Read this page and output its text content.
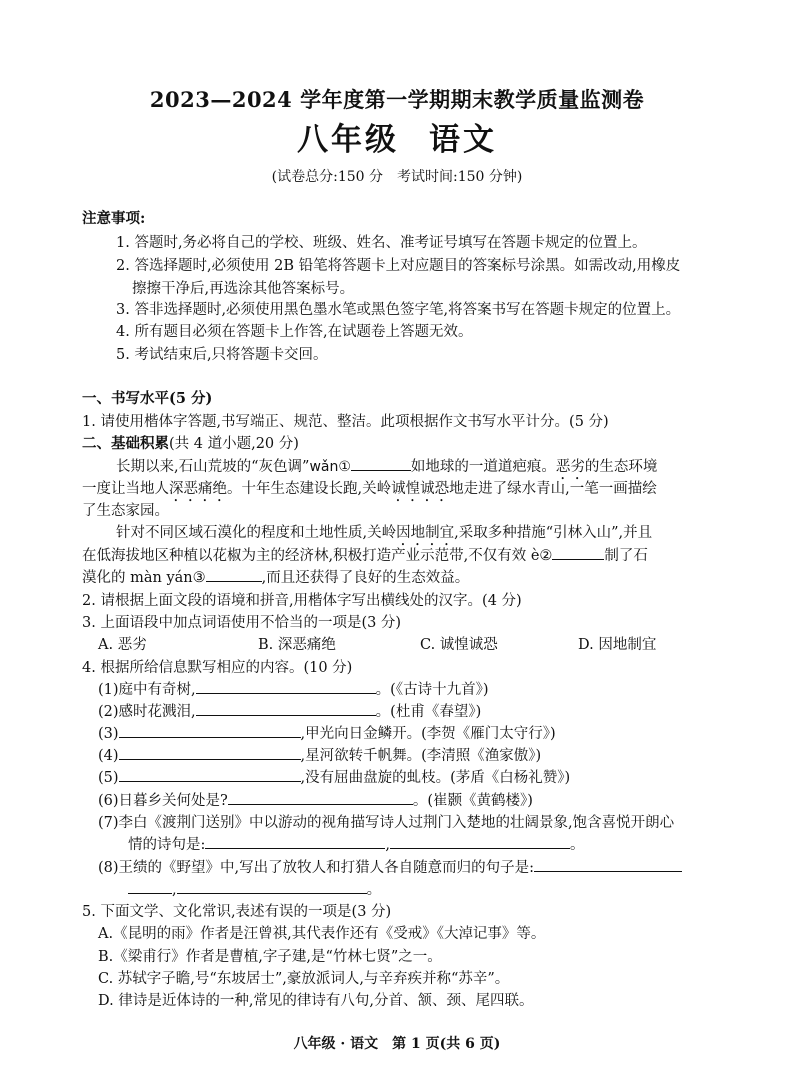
2023—2024 学年度第一学期期末教学质量监测卷
八年级 语文
(试卷总分:150 分　考试时间:150 分钟)
注意事项:
1. 答题时,务必将自己的学校、班级、姓名、准考证号填写在答题卡规定的位置上。
2. 答选择题时,必须使用 2B 铅笔将答题卡上对应题目的答案标号涂黑。如需改动,用橡皮
擦擦干净后,再选涂其他答案标号。
3. 答非选择题时,必须使用黑色墨水笔或黑色签字笔,将答案书写在答题卡规定的位置上。
4. 所有题目必须在答题卡上作答,在试题卷上答题无效。
5. 考试结束后,只将答题卡交回。
一、书写水平(5 分)
1. 请使用楷体字答题,书写端正、规范、整洁。此项根据作文书写水平计分。(5 分)
二、基础积累(共 4 道小题,20 分)
长期以来,石山荒坡的“灰色调”wǎn①	如地球的一道道疤痕。恶劣的生态环境
一度让当地人深恶痛绝。十年生态建设长跑,关岭诚惶诚恐地走进了绿水青山,一笔一画描绘
了生态家园。
针对不同区域石漠化的程度和土地性质,关岭因地制宜,采取多种措施“引林入山”,并且
在低海拔地区种植以花椒为主的经济林,积极打造产业示范带,不仅有效 è②	制了石
漠化的 màn yán③	,而且还获得了良好的生态效益。
2. 请根据上面文段的语境和拼音,用楷体字写出横线处的汉字。(4 分)
3. 上面语段中加点词语使用不恰当的一项是(3 分)
A. 恶劣	B. 深恶痛绝	C. 诚惶诚恐	D. 因地制宜
4. 根据所给信息默写相应的内容。(10 分)
(1)庭中有奇树,	。(《古诗十九首》)
(2)感时花溅泪,	。(杜甫《春望》)
(3)	,甲光向日金鳞开。(李贺《雁门太守行》)
(4)	,星河欲转千帆舞。(李清照《渔家傲》)
(5)	,没有屈曲盘旋的虬枝。(茅盾《白杨礼赞》)
(6)日暮乡关何处是?	。(崔颢《黄鹤楼》)
(7)李白《渡荆门送别》中以游动的视角描写诗人过荆门入楚地的壮阔景象,饱含喜悦开朗心
情的诗句是:	,	。
(8)王绩的《野望》中,写出了放牧人和打猎人各自随意而归的句子是:
,	。
5. 下面文学、文化常识,表述有误的一项是(3 分)
A.《昆明的雨》作者是汪曾祺,其代表作还有《受戒》《大淖记事》等。
B.《梁甫行》作者是曹植,字子建,是“竹林七贤”之一。
C. 苏轼字子瞻,号“东坡居士”,豪放派词人,与辛弃疾并称“苏辛”。
D. 律诗是近体诗的一种,常见的律诗有八句,分首、颔、颈、尾四联。
八年级 · 语文　第 1 页(共 6 页)
